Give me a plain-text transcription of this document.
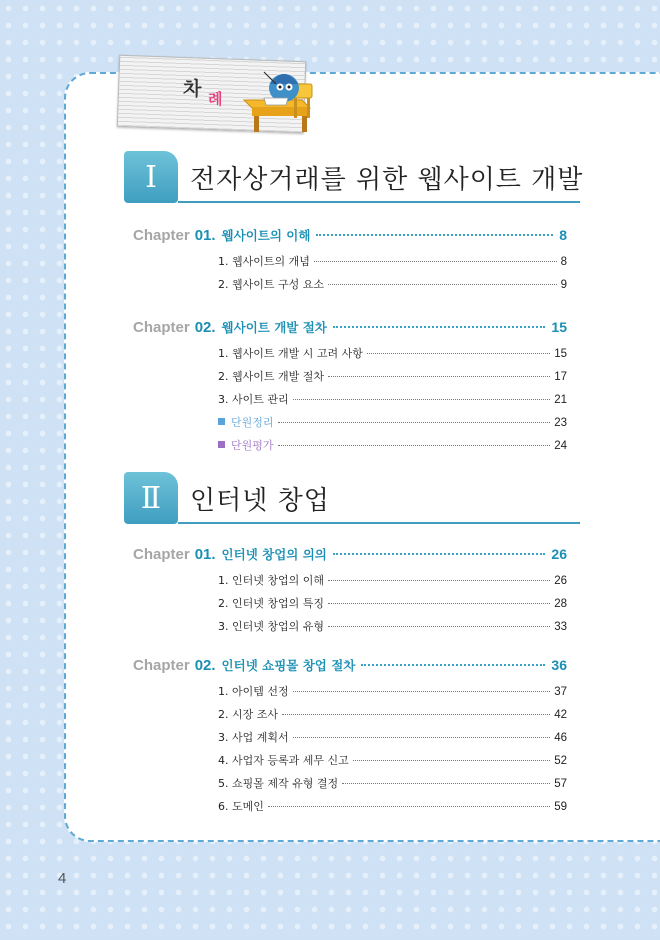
차 례
Ⅰ	전자상거래를 위한 웹사이트 개발
Chapter 01. 웹사이트의 이해	8
1. 웹사이트의 개념	8
2. 웹사이트 구성 요소	9
Chapter 02. 웹사이트 개발 절차	15
1. 웹사이트 개발 시 고려 사항	15
2. 웹사이트 개발 절차	17
3. 사이트 관리	21
단원정리	23
단원평가	24
Ⅱ	인터넷 창업
Chapter 01. 인터넷 창업의 의의	26
1. 인터넷 창업의 이해	26
2. 인터넷 창업의 특징	28
3. 인터넷 창업의 유형	33
Chapter 02. 인터넷 쇼핑몰 창업 절차	36
1. 아이템 선정	37
2. 시장 조사	42
3. 사업 계획서	46
4. 사업자 등록과 세무 신고	52
5. 쇼핑몰 제작 유형 결정	57
6. 도메인	59
4
